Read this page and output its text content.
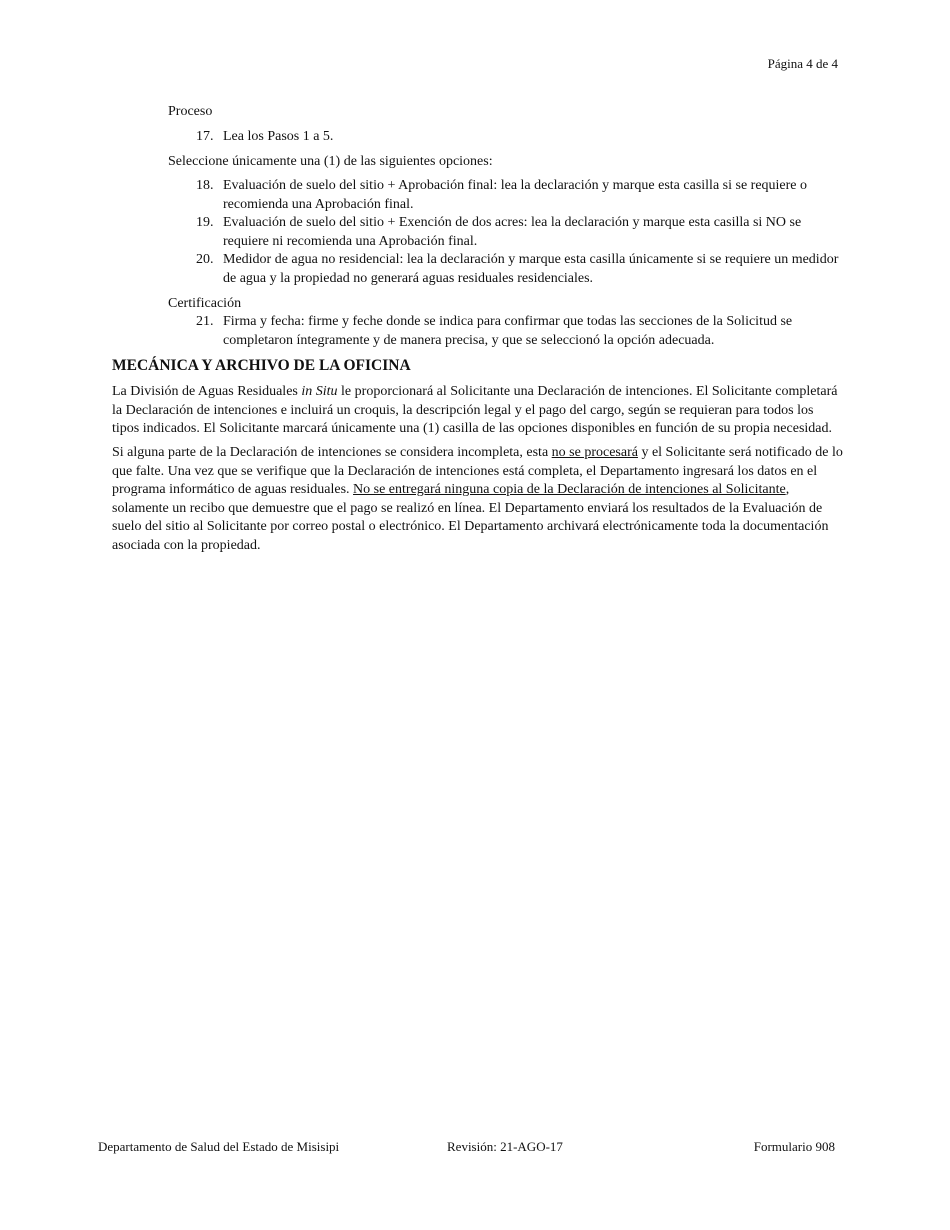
Página 4 de 4
Proceso
17. Lea los Pasos 1 a 5.
Seleccione únicamente una (1) de las siguientes opciones:
18. Evaluación de suelo del sitio + Aprobación final: lea la declaración y marque esta casilla si se requiere o recomienda una Aprobación final.
19. Evaluación de suelo del sitio + Exención de dos acres: lea la declaración y marque esta casilla si NO se requiere ni recomienda una Aprobación final.
20. Medidor de agua no residencial: lea la declaración y marque esta casilla únicamente si se requiere un medidor de agua y la propiedad no generará aguas residuales residenciales.
Certificación
21. Firma y fecha: firme y feche donde se indica para confirmar que todas las secciones de la Solicitud se completaron íntegramente y de manera precisa, y que se seleccionó la opción adecuada.
MECÁNICA Y ARCHIVO DE LA OFICINA

La División de Aguas Residuales in Situ le proporcionará al Solicitante una Declaración de intenciones. El Solicitante completará la Declaración de intenciones e incluirá un croquis, la descripción legal y el pago del cargo, según se requieran para todos los tipos indicados. El Solicitante marcará únicamente una (1) casilla de las opciones disponibles en función de su propia necesidad.

Si alguna parte de la Declaración de intenciones se considera incompleta, esta no se procesará y el Solicitante será notificado de lo que falte. Una vez que se verifique que la Declaración de intenciones está completa, el Departamento ingresará los datos en el programa informático de aguas residuales. No se entregará ninguna copia de la Declaración de intenciones al Solicitante, solamente un recibo que demuestre que el pago se realizó en línea. El Departamento enviará los resultados de la Evaluación de suelo del sitio al Solicitante por correo postal o electrónico. El Departamento archivará electrónicamente toda la documentación asociada con la propiedad.

Departamento de Salud del Estado de Misisipi	Revisión: 21-AGO-17	Formulario 908
